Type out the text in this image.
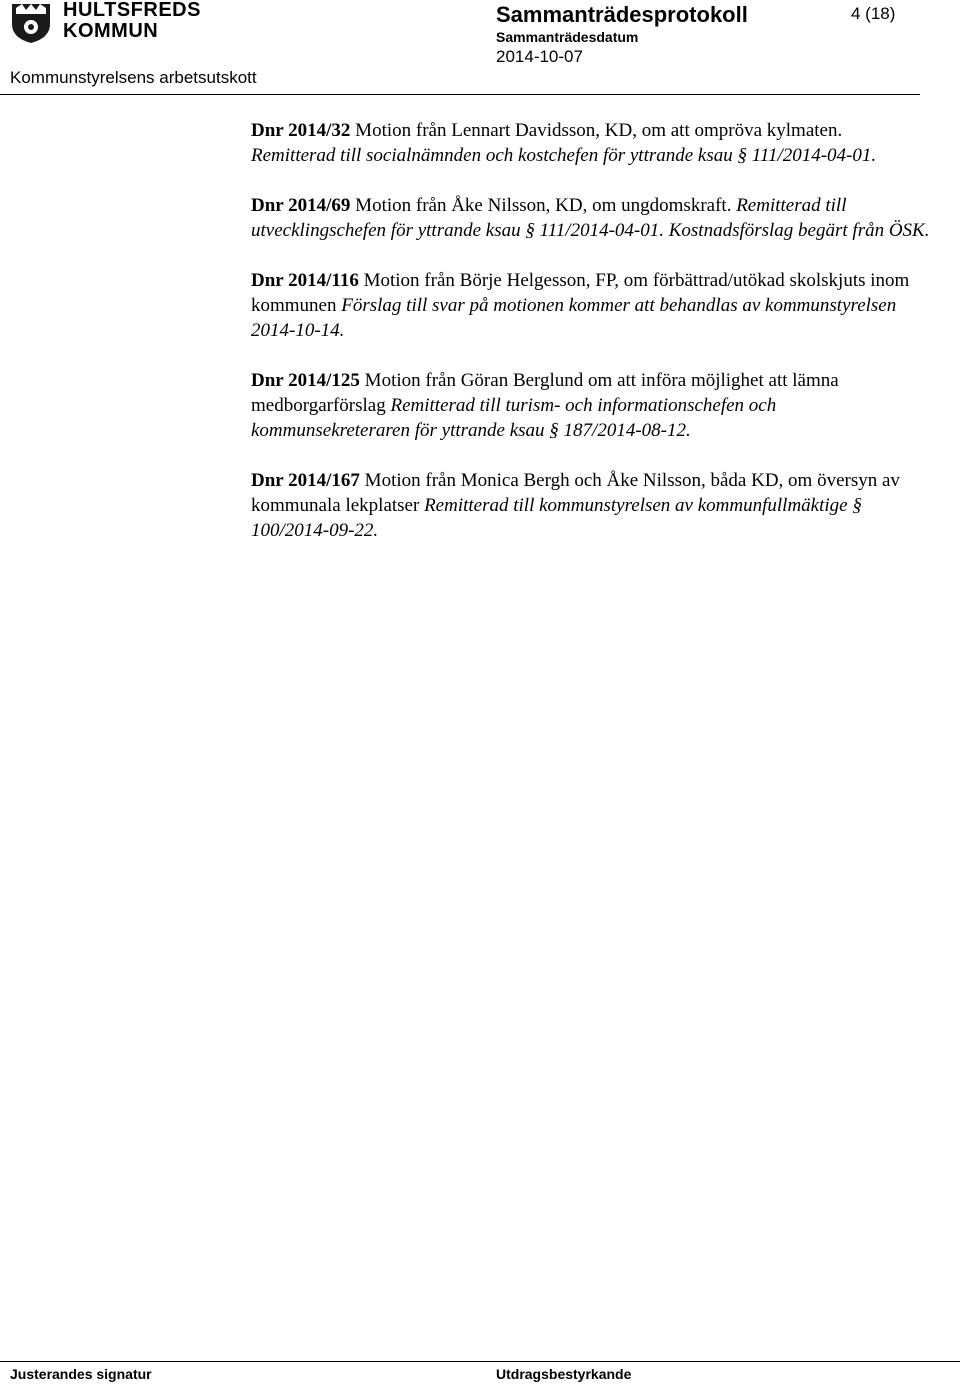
HULTSFREDS
KOMMUN
Kommunstyrelsens arbetsutskott
Sammanträdesprotokoll
Sammanträdesdatum
2014-10-07
4 (18)

Dnr 2014/32 Motion från Lennart Davidsson, KD, om att ompröva kylmaten. Remitterad till socialnämnden och kostchefen för yttrande ksau § 111/2014-04-01.

Dnr 2014/69 Motion från Åke Nilsson, KD, om ungdomskraft. Remitterad till utvecklingschefen för yttrande ksau § 111/2014-04-01. Kostnadsförslag begärt från ÖSK.

Dnr 2014/116 Motion från Börje Helgesson, FP, om förbättrad/utökad skolskjuts inom kommunen Förslag till svar på motionen kommer att behandlas av kommunstyrelsen 2014-10-14.

Dnr 2014/125 Motion från Göran Berglund om att införa möjlighet att lämna medborgarförslag Remitterad till turism- och informationschefen och kommunsekreteraren för yttrande ksau § 187/2014-08-12.

Dnr 2014/167 Motion från Monica Bergh och Åke Nilsson, båda KD, om översyn av kommunala lekplatser Remitterad till kommunstyrelsen av kommunfullmäktige § 100/2014-09-22.

Justerandes signatur	Utdragsbestyrkande
